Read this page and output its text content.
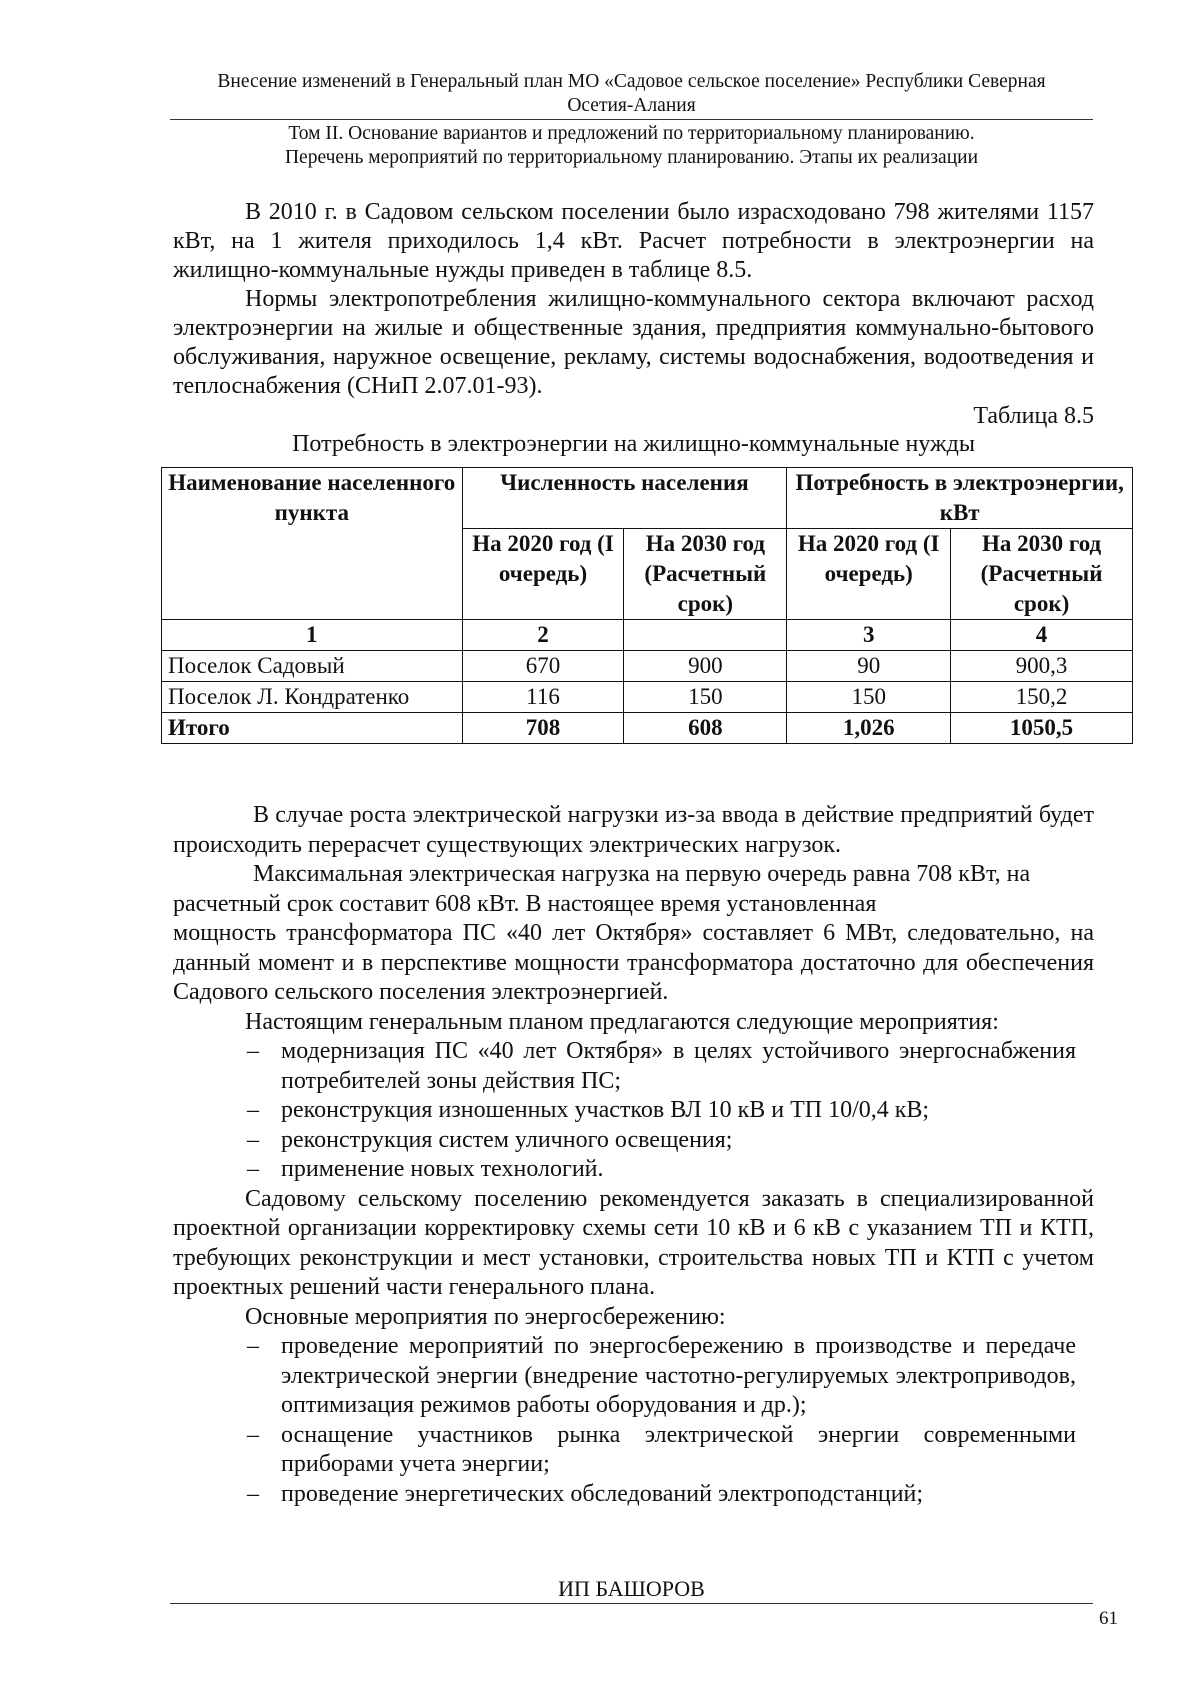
Внесение изменений в Генеральный план МО «Садовое сельское поселение» Республики Северная
Осетия-Алания
Том II. Основание вариантов и предложений по территориальному планированию.
Перечень мероприятий по территориальному планированию. Этапы их реализации

В 2010 г. в Садовом сельском поселении было израсходовано 798 жителями 1157 кВт, на 1 жителя приходилось 1,4 кВт. Расчет потребности в электроэнергии на жилищно-коммунальные нужды приведен в таблице 8.5.

Нормы электропотребления жилищно-коммунального сектора включают расход электроэнергии на жилые и общественные здания, предприятия коммунально-бытового обслуживания, наружное освещение, рекламу, системы водоснабжения, водоотведения и теплоснабжения (СНиП 2.07.01-93).

Таблица 8.5

Потребность в электроэнергии на жилищно-коммунальные нужды

Наименование населенного пункта	Численность населения		Потребность в электроэнергии, кВт	
	На 2020 год (I очередь)	На 2030 год (Расчетный срок)	На 2020 год (I очередь)	На 2030 год (Расчетный срок)
1	2		3	4
Поселок Садовый	670	900	90	900,3
Поселок Л. Кондратенко	116	150	150	150,2
Итого	708	608	1,026	1050,5

В случае роста электрической нагрузки из-за ввода в действие предприятий будет происходить перерасчет существующих электрических нагрузок.

Максимальная электрическая нагрузка на первую очередь равна 708 кВт, на расчетный срок составит 608 кВт. В настоящее время установленная

мощность трансформатора ПС «40 лет Октября» составляет 6 МВт, следовательно, на данный момент и в перспективе мощности трансформатора достаточно для обеспечения Садового сельского поселения электроэнергией.

Настоящим генеральным планом предлагаются следующие мероприятия:

– модернизация ПС «40 лет Октября» в целях устойчивого энергоснабжения потребителей зоны действия ПС;
– реконструкция изношенных участков ВЛ 10 кВ и ТП 10/0,4 кВ;
– реконструкция систем уличного освещения;
– применение новых технологий.

Садовому сельскому поселению рекомендуется заказать в специализированной проектной организации корректировку схемы сети 10 кВ и 6 кВ с указанием ТП и КТП, требующих реконструкции и мест установки, строительства новых ТП и КТП с учетом проектных решений части генерального плана.

Основные мероприятия по энергосбережению:

– проведение мероприятий по энергосбережению в производстве и передаче электрической энергии (внедрение частотно-регулируемых электроприводов, оптимизация режимов работы оборудования и др.);
– оснащение участников рынка электрической энергии современными приборами учета энергии;
– проведение энергетических обследований электроподстанций;
ИП БАШОРОВ
61
